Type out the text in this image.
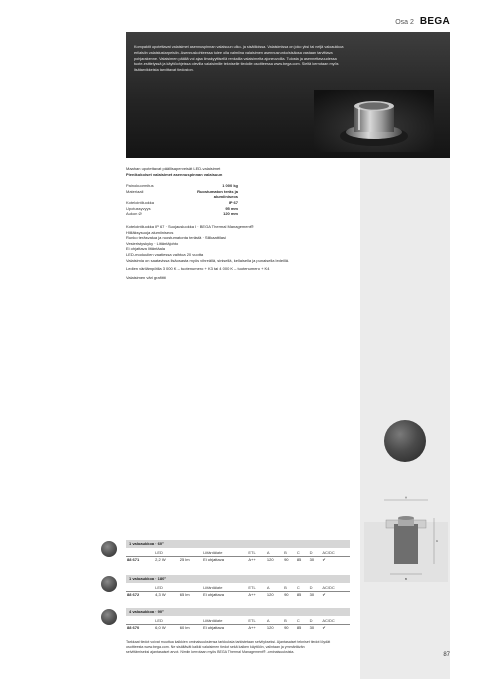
Osa 2 BEGA
Kompaktit upotettavat valaisimet asennuspinnan valaisuun ulko- ja sisätiloissa. Valaisimissa on joko yksi tai neljä valoaukkoa erilaisiin valaistustarpeisiin. Asennuskohteessa tulee olla valmiina valaisimen asennusrunko/sisäosa vastaan tarvittava pohjarakenne. Valaisimen pääliä voi ajaa ilmakyyttisellä renkailla valaisimelta ajoneuvoilla. Tulosta ja asennettavuudessa tuote-esittelyssä ja käyttöohjeissa olevilla valaisimille tekniselle tiedolle osoitteessa www.bega.com. Sieltä kerrotaan myös lisätarvikkeista tarvittavat tiedoston.
A
C
B
Maahan upotettavat päällisaperveisät LED-valaisimet
Pienikokoiset valaisimet asennuspinnan valaisuun
Painokuormitus	1 000 kg
Materiaali	Ruostumaton teräs ja alumiiniseos
Kotelointiluokka	IP 67
Upotussyvyys	95 mm
Aukon Ø	120 mm
Kotelointiluokka IP 67 · Suojausluokka I · BEGA Thermal Management®
Hiiliäksysuoja alumiiniseos
Runko teräsvalua ja ruostumatonta terästä · Silikaattilasi
Vesieristyskyky · Liitäntäjohto
Ei ohjattava liitäntäala
LED-moduulien vaatiessa vaihtoa 20 vuotta
Valaisimia on saatavissa lisäosasta myös vihreällä, sinisellä, kellaisella ja punaisella ledeillä.
Ledien värilämpötila 3 000 K – tuotenumero + K3 tai 4 000 K – tuotenumero + K4
Valaisimen väri grafiitti
1 valoaukkoa · 60°
	LED		Liitäntäiate	ETL	A	B	C	D	AC/DC
88 671	2,2 W	25 lm	Ei ohjattava	A++	120	90	85	30	✔
1 valoaukkoa · 180°
	LED		Liitäntäiate	ETL	A	B	C	D	AC/DC
88 672	4,3 W	65 lm	Ei ohjattava	A++	120	90	85	30	✔
4 valoaukkoa · 90°
	LED		Liitäntäiate	ETL	A	B	C	D	AC/DC
88 670	6,0 W	60 lm	Ei ohjattava	A++	120	90	85	30	✔
Tarkkaat tiedot voivat muuttua kaikkien ominaisuuksiensa tarkkuksia tarkistetaan selvitykseksi. Ajantasaiset tekniset tiedot löydät
osoitteesta www.bega.com. Ne sisältävät kaikki valaisimen tiedot sekä kaiken käyttöön, valintaan ja ymmärtävän
selvittämiseksi ajantasaiset arvot. Nimiin kerrotaan myös BEGA Thermal Management® -ominaisuuksista.	87
